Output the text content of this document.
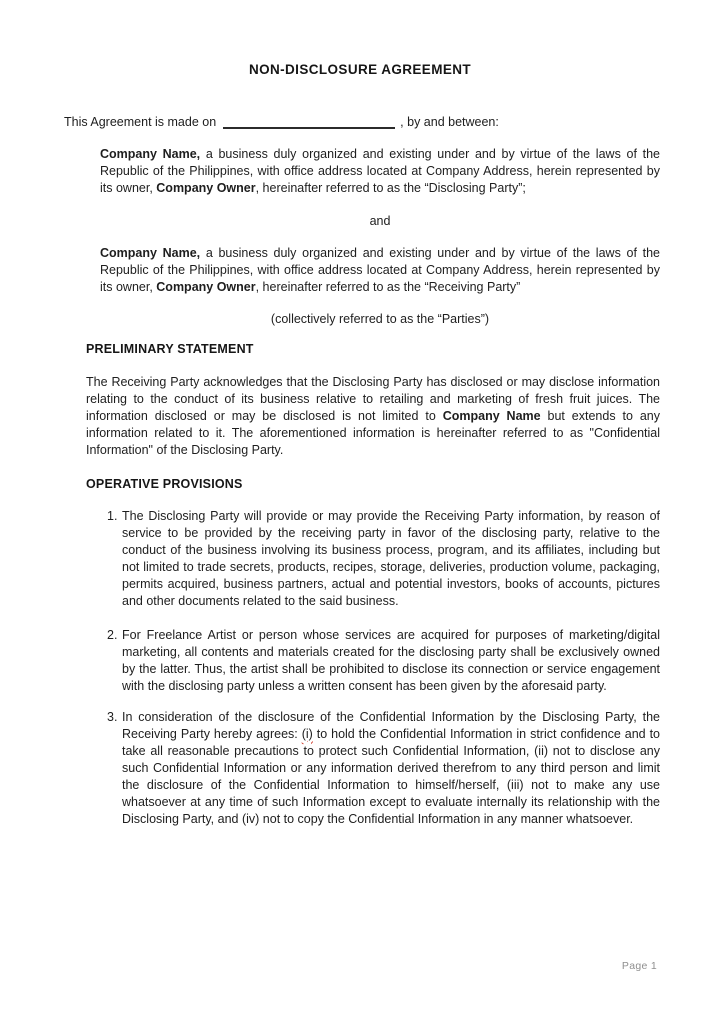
NON-DISCLOSURE AGREEMENT
This Agreement is made on	, by and between:

Company Name, a business duly organized and existing under and by virtue of the laws of the Republic of the Philippines, with office address located at Company Address, herein represented by its owner, Company Owner, hereinafter referred to as the “Disclosing Party”;

and

Company Name, a business duly organized and existing under and by virtue of the laws of the Republic of the Philippines, with office address located at Company Address, herein represented by its owner, Company Owner, hereinafter referred to as the “Receiving Party”

(collectively referred to as the “Parties”)
PRELIMINARY STATEMENT

The Receiving Party acknowledges that the Disclosing Party has disclosed or may disclose information relating to the conduct of its business relative to retailing and marketing of fresh fruit juices. The information disclosed or may be disclosed is not limited to Company Name but extends to any information related to it. The aforementioned information is hereinafter referred to as "Confidential Information" of the Disclosing Party.

OPERATIVE PROVISIONS
1. The Disclosing Party will provide or may provide the Receiving Party information, by reason of service to be provided by the receiving party in favor of the disclosing party, relative to the conduct of the business involving its business process, program, and its affiliates, including but not limited to trade secrets, products, recipes, storage, deliveries, production volume, packaging, permits acquired, business partners, actual and potential investors, books of accounts, pictures and other documents related to the said business.
2. For Freelance Artist or person whose services are acquired for purposes of marketing/digital marketing, all contents and materials created for the disclosing party shall be exclusively owned by the latter. Thus, the artist shall be prohibited to disclose its connection or service engagement with the disclosing party unless a written consent has been given by the aforesaid party.
3. In consideration of the disclosure of the Confidential Information by the Disclosing Party, the Receiving Party hereby agrees: (i) to hold the Confidential Information in strict confidence and to take all reasonable precautions to protect such Confidential Information, (ii) not to disclose any such Confidential Information or any information derived therefrom to any third person and limit the disclosure of the Confidential Information to himself/herself, (iii) not to make any use whatsoever at any time of such Information except to evaluate internally its relationship with the Disclosing Party, and (iv) not to copy the Confidential Information in any manner whatsoever.
Page 1
